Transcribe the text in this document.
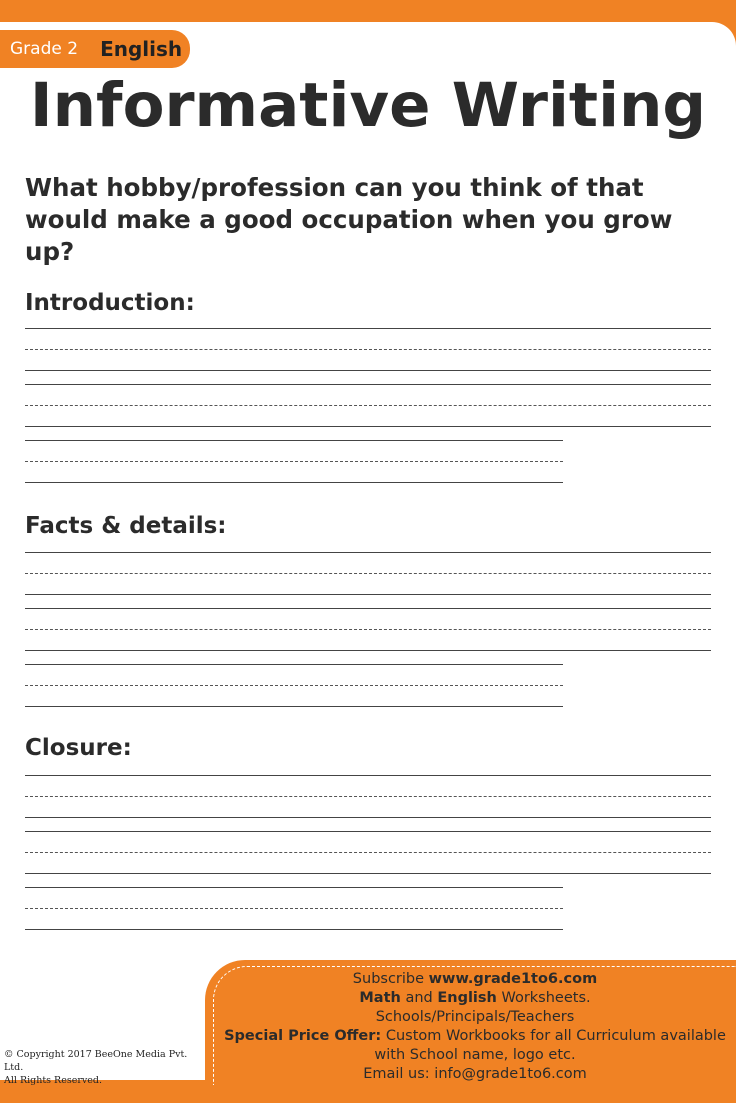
Grade 2 English
Informative Writing
What hobby/profession can you think of that would make a good occupation when you grow up?
Introduction:
Facts & details:
Closure:
Subscribe www.grade1to6.com
Math and English Worksheets.
Schools/Principals/Teachers
Special Price Offer: Custom Workbooks for all Curriculum available
with School name, logo etc.
Email us: info@grade1to6.com
© Copyright 2017 BeeOne Media Pvt. Ltd.
All Rights Reserved.
